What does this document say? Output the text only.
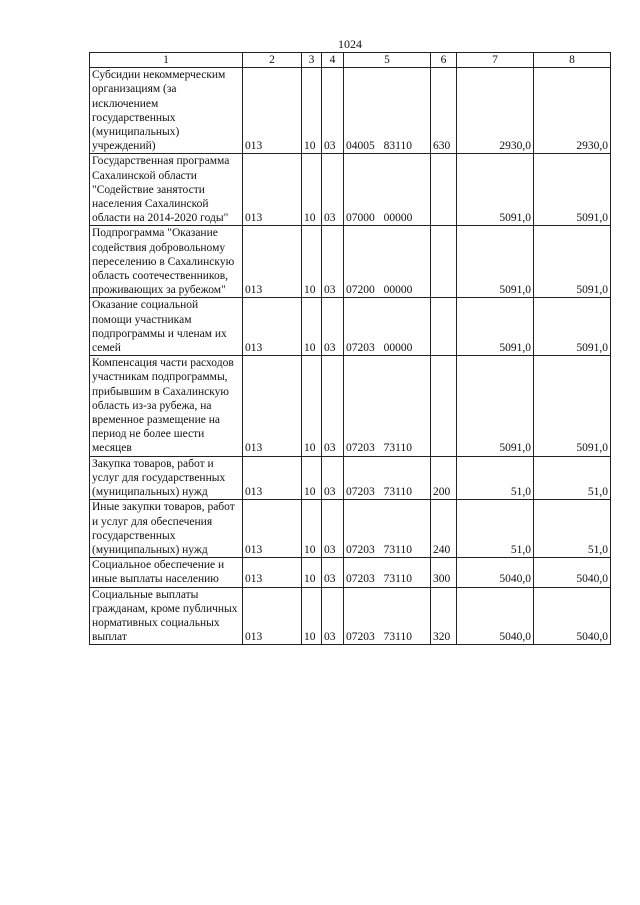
1024
1	2	3	4	5	6	7	8
Субсидии некоммерческим организациям (за исключением государственных (муниципальных) учреждений)	013	10	03	04005 83110	630	2930,0	2930,0
Государственная программа Сахалинской области "Содействие занятости населения Сахалинской области на 2014-2020 годы"	013	10	03	07000 00000		5091,0	5091,0
Подпрограмма "Оказание содействия добровольному переселению в Сахалинскую область соотечественников, проживающих за рубежом"	013	10	03	07200 00000		5091,0	5091,0
Оказание социальной помощи участникам подпрограммы и членам их семей	013	10	03	07203 00000		5091,0	5091,0
Компенсация части расходов участникам подпрограммы, прибывшим в Сахалинскую область из-за рубежа, на временное размещение на период не более шести месяцев	013	10	03	07203 73110		5091,0	5091,0
Закупка товаров, работ и услуг для государственных (муниципальных) нужд	013	10	03	07203 73110	200	51,0	51,0
Иные закупки товаров, работ и услуг для обеспечения государственных (муниципальных) нужд	013	10	03	07203 73110	240	51,0	51,0
Социальное обеспечение и иные выплаты населению	013	10	03	07203 73110	300	5040,0	5040,0
Социальные выплаты гражданам, кроме публичных нормативных социальных выплат	013	10	03	07203 73110	320	5040,0	5040,0
